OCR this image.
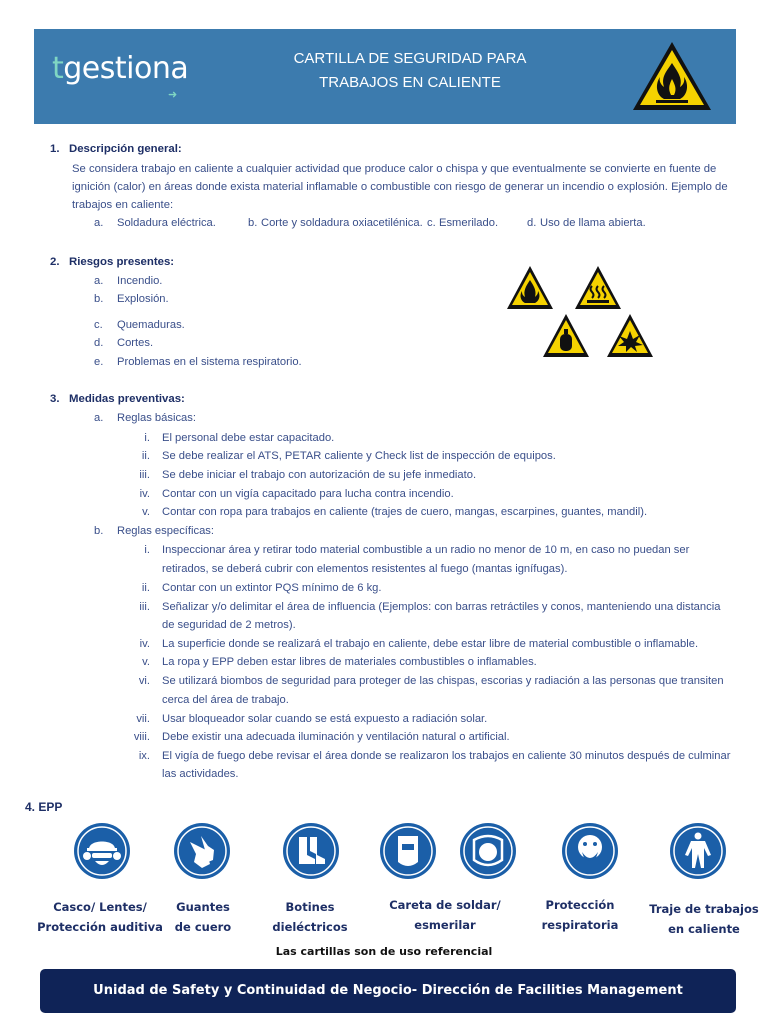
tgestiona
➜
CARTILLA DE SEGURIDAD PARA
TRABAJOS EN CALIENTE
1. Descripción general:
Se considera trabajo en caliente a cualquier actividad que produce calor o chispa y que eventualmente se convierte en fuente de ignición (calor) en áreas donde exista material inflamable o combustible con riesgo de generar un incendio o explosión. Ejemplo de trabajos en caliente:
a. Soldadura eléctrica.	b. Corte y soldadura oxiacetilénica. c. Esmerilado.	d. Uso de llama abierta.
2. Riesgos presentes:
a. Incendio.
b. Explosión.
c. Quemaduras.
d. Cortes.
e. Problemas en el sistema respiratorio.
3. Medidas preventivas:
a. Reglas básicas:
i. El personal debe estar capacitado.
ii. Se debe realizar el ATS, PETAR caliente y Check list de inspección de equipos.
iii. Se debe iniciar el trabajo con autorización de su jefe inmediato.
iv. Contar con un vigía capacitado para lucha contra incendio.
v. Contar con ropa para trabajos en caliente (trajes de cuero, mangas, escarpines, guantes, mandil).
b. Reglas específicas:
i. Inspeccionar área y retirar todo material combustible a un radio no menor de 10 m, en caso no puedan ser
retirados, se deberá cubrir con elementos resistentes al fuego (mantas ignífugas).
ii. Contar con un extintor PQS mínimo de 6 kg.
iii. Señalizar y/o delimitar el área de influencia (Ejemplos: con barras retráctiles y conos, manteniendo una distancia
de seguridad de 2 metros).
iv. La superficie donde se realizará el trabajo en caliente, debe estar libre de material combustible o inflamable.
v. La ropa y EPP deben estar libres de materiales combustibles o inflamables.
vi. Se utilizará biombos de seguridad para proteger de las chispas, escorias y radiación a las personas que transiten
cerca del área de trabajo.
vii. Usar bloqueador solar cuando se está expuesto a radiación solar.
viii. Debe existir una adecuada iluminación y ventilación natural o artificial.
ix. El vigía de fuego debe revisar el área donde se realizaron los trabajos en caliente 30 minutos después de culminar
las actividades.
4. EPP
Casco/ Lentes/
Protección auditiva
Guantes
de cuero
Botines
dieléctricos
Careta de soldar/
esmerilar
Protección
respiratoria
Traje de trabajos
en caliente
Las cartillas son de uso referencial
Unidad de Safety y Continuidad de Negocio- Dirección de Facilities Management
